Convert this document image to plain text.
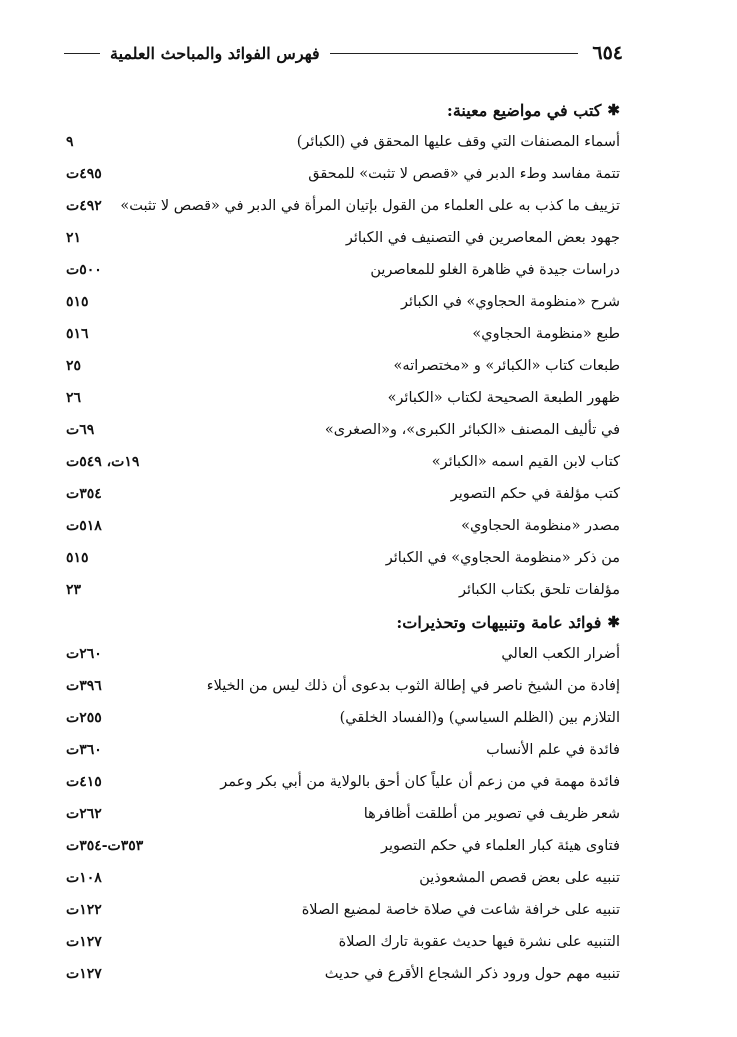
٦٥٤
فهرس الفوائد والمباحث العلمية
✱
كتب في مواضيع معينة:
أسماء المصنفات التي وقف عليها المحقق في (الكبائر)
٩
تتمة مفاسد وطء الدبر في «قصص لا تثبت» للمحقق
٤٩٥ت
تزييف ما كذب به على العلماء من القول بإتيان المرأة في الدبر في «قصص لا تثبت»
٤٩٢ت
جهود بعض المعاصرين في التصنيف في الكبائر
٢١
دراسات جيدة في ظاهرة الغلو للمعاصرين
٥٠٠ت
شرح «منظومة الحجاوي» في الكبائر
٥١٥
طبع «منظومة الحجاوي»
٥١٦
طبعات كتاب «الكبائر» و «مختصراته»
٢٥
ظهور الطبعة الصحيحة لكتاب «الكبائر»
٢٦
في تأليف المصنف «الكبائر الكبرى»، و«الصغرى»
٦٩ت
كتاب لابن القيم اسمه «الكبائر»
١٩ت، ٥٤٩ت
كتب مؤلفة في حكم التصوير
٣٥٤ت
مصدر «منظومة الحجاوي»
٥١٨ت
من ذكر «منظومة الحجاوي» في الكبائر
٥١٥
مؤلفات تلحق بكتاب الكبائر
٢٣
✱
فوائد عامة وتنبيهات وتحذيرات:
أضرار الكعب العالي
٢٦٠ت
إفادة من الشيخ ناصر في إطالة الثوب بدعوى أن ذلك ليس من الخيلاء
٣٩٦ت
التلازم بين (الظلم السياسي) و(الفساد الخلقي)
٢٥٥ت
فائدة في علم الأنساب
٣٦٠ت
فائدة مهمة في من زعم أن علياً كان أحق بالولاية من أبي بكر وعمر
٤١٥ت
شعر ظريف في تصوير من أطلقت أظافرها
٢٦٢ت
فتاوى هيئة كبار العلماء في حكم التصوير
٣٥٣ت-٣٥٤ت
تنبيه على بعض قصص المشعوذين
١٠٨ت
تنبيه على خرافة شاعت في صلاة خاصة لمضيع الصلاة
١٢٢ت
التنبيه على نشرة فيها حديث عقوبة تارك الصلاة
١٢٧ت
تنبيه مهم حول ورود ذكر الشجاع الأقرع في حديث
١٢٧ت
